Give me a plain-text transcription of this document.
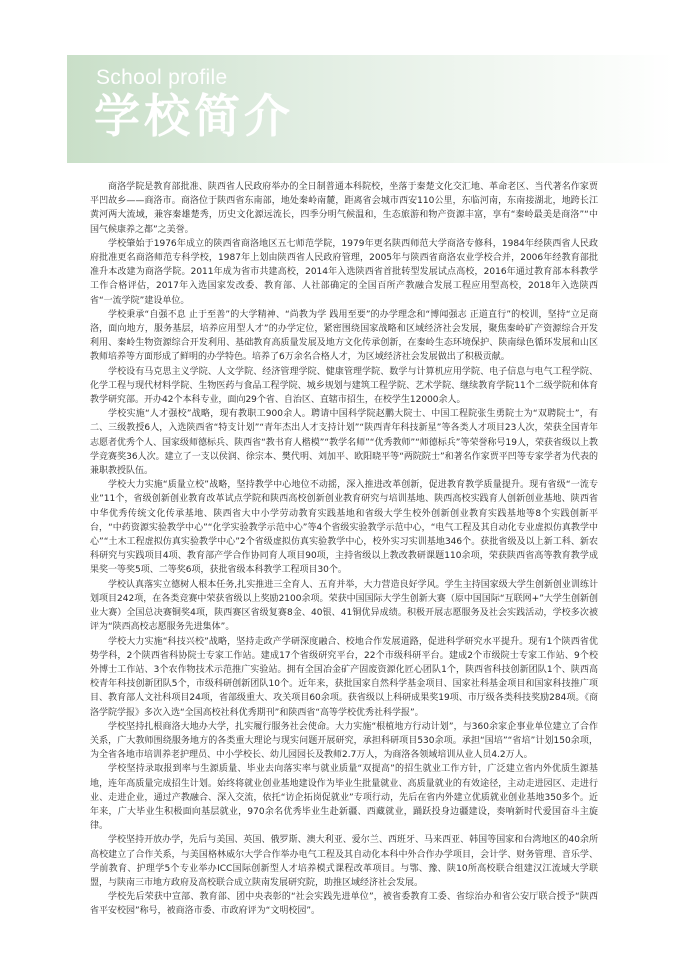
School profile
学校简介

商洛学院是教育部批准、陕西省人民政府举办的全日制普通本科院校，坐落于秦楚文化交汇地、革命老区、当代著名作家贾平凹故乡——商洛市。商洛位于陕西省东南部，地处秦岭南麓，距离省会城市西安110公里，东临河南，东南接湖北，地跨长江黄河两大流域，兼容秦雄楚秀，历史文化源远流长，四季分明气候温和，生态旅游和物产资源丰富，享有“秦岭最美是商洛”“中国气候康养之都”之美誉。

学校肇始于1976年成立的陕西省商洛地区五七师范学院，1979年更名陕西师范大学商洛专修科，1984年经陕西省人民政府批准更名商洛师范专科学校，1987年上划由陕西省人民政府管理，2005年与陕西省商洛农业学校合并，2006年经教育部批准升本改建为商洛学院。2011年成为省市共建高校，2014年入选陕西省首批转型发展试点高校，2016年通过教育部本科教学工作合格评估，2017年入选国家发改委、教育部、人社部确定的全国百所产教融合发展工程应用型高校，2018年入选陕西省“一流学院”建设单位。

学校秉承“自强不息 止于至善”的大学精神、“尚教为学 践用至要”的办学理念和“博闻强志 正道直行”的校训，坚持“立足商洛，面向地方，服务基层，培养应用型人才”的办学定位，紧密围绕国家战略和区域经济社会发展，聚焦秦岭矿产资源综合开发利用、秦岭生物资源综合开发利用、基础教育高质量发展及地方文化传承创新，在秦岭生态环境保护、陕南绿色循环发展和山区教师培养等方面形成了鲜明的办学特色。培养了6万余名合格人才，为区域经济社会发展做出了积极贡献。

学校设有马克思主义学院、人文学院、经济管理学院、健康管理学院、数学与计算机应用学院、电子信息与电气工程学院、化学工程与现代材料学院、生物医药与食品工程学院、城乡规划与建筑工程学院、艺术学院、继续教育学院11个二级学院和体育教学研究部。开办42个本科专业，面向29个省、自治区、直辖市招生，在校学生12000余人。

学校实施“人才强校”战略，现有教职工900余人。聘请中国科学院赵鹏大院士、中国工程院张生勇院士为“双聘院士”，有二、三级教授6人，入选陕西省“特支计划”“青年杰出人才支持计划”“陕西青年科技新星”等各类人才项目23人次，荣获全国青年志愿者优秀个人、国家级师德标兵、陕西省“教书育人楷模”“教学名师”“优秀教师”“师德标兵”等荣誉称号19人，荣获省级以上教学竞赛奖36人次。建立了一支以侯润、徐宗本、樊代明、刘加平、欧阳晓平等“两院院士”和著名作家贾平凹等专家学者为代表的兼职教授队伍。

学校大力实施“质量立校”战略，坚持教学中心地位不动摇，深入推进改革创新，促进教育教学质量提升。现有省级“一流专业”11个，省级创新创业教育改革试点学院和陕西高校创新创业教育研究与培训基地、陕西高校实践育人创新创业基地、陕西省中华优秀传统文化传承基地、陕西省大中小学劳动教育实践基地和省级大学生校外创新创业教育实践基地等8个实践创新平台，“中药资源实验教学中心”“化学实验教学示范中心”等4个省级实验教学示范中心，“电气工程及其自动化专业虚拟仿真教学中心”“土木工程虚拟仿真实验教学中心”2个省级虚拟仿真实验教学中心，校外实习实训基地346个。获批省级及以上新工科、新农科研究与实践项目4项、教育部产学合作协同育人项目90项，主持省级以上教改教研课题110余项，荣获陕西省高等教育教学成果奖一等奖5项、二等奖6项，获批省级本科教学工程项目30个。

学校认真落实立德树人根本任务,扎实推进三全育人、五育并举，大力营造良好学风。学生主持国家级大学生创新创业训练计划项目242项，在各类竞赛中荣获省级以上奖励2100余项。荣获中国国际大学生创新大赛（原中国国际“互联网+”大学生创新创业大赛）全国总决赛铜奖4项，陕西赛区省级复赛8金、40银、41铜优异成绩。积极开展志愿服务及社会实践活动，学校多次被评为“陕西高校志愿服务先进集体”。

学校大力实施“科技兴校”战略，坚持走政产学研深度融合、校地合作发展道路，促进科学研究水平提升。现有1个陕西省优势学科，2个陕西省科协院士专家工作站。建成17个省级研究平台，22个市级科研平台。建成2个市级院士专家工作站、9个校外博士工作站、3个农作物技术示范推广实验站。拥有全国冶金矿产固废资源化匠心团队1个，陕西省科技创新团队1个、陕西高校青年科技创新团队5个，市级科研创新团队10个。近年来，获批国家自然科学基金项目、国家社科基金项目和国家科技推广项目、教育部人文社科项目24项，省部级重大、攻关项目60余项。获省级以上科研成果奖19项、市厅级各类科技奖励284项。《商洛学院学报》多次入选“全国高校社科优秀期刊”和陕西省“高等学校优秀社科学报”。

学校坚持扎根商洛大地办大学，扎实履行服务社会使命。大力实施“根植地方行动计划”，与360余家企事业单位建立了合作关系，广大教师围绕服务地方的各类重大理论与现实问题开展研究，承担科研项目530余项。承担“国培”“省培”计划150余项，为全省各地市培训养老护理员、中小学校长、幼儿园园长及教师2.7万人，为商洛各领域培训从业人员4.2万人。

学校坚持录取报到率与生源质量、毕业去向落实率与就业质量“双提高”的招生就业工作方针，广泛建立省内外优质生源基地，连年高质量完成招生计划。始终将就业创业基地建设作为毕业生批量就业、高质量就业的有效途径，主动走进园区、走进行业、走进企业，通过产教融合、深入交流，依托“访企拓岗促就业”专项行动，先后在省内外建立优质就业创业基地350多个。近年来，广大毕业生积极面向基层就业，970余名优秀毕业生赴新疆、西藏就业，踊跃投身边疆建设，奏响新时代爱国奋斗主旋律。

学校坚持开放办学，先后与美国、英国、俄罗斯、澳大利亚、爱尔兰、西班牙、马来西亚、韩国等国家和台湾地区的40余所高校建立了合作关系，与美国格林威尔大学合作举办电气工程及其自动化本科中外合作办学项目，会计学、财务管理、音乐学、学前教育、护理学5个专业举办ICC国际创新型人才培养模式课程改革项目。与鄂、豫、陕10所高校联合组建汉江流域大学联盟，与陕南三市地方政府及高校联合成立陕南发展研究院，助推区域经济社会发展。

学校先后荣获中宣部、教育部、团中央表彰的“社会实践先进单位”，被省委教育工委、省综治办和省公安厅联合授予“陕西省平安校园”称号，被商洛市委、市政府评为“文明校园”。
